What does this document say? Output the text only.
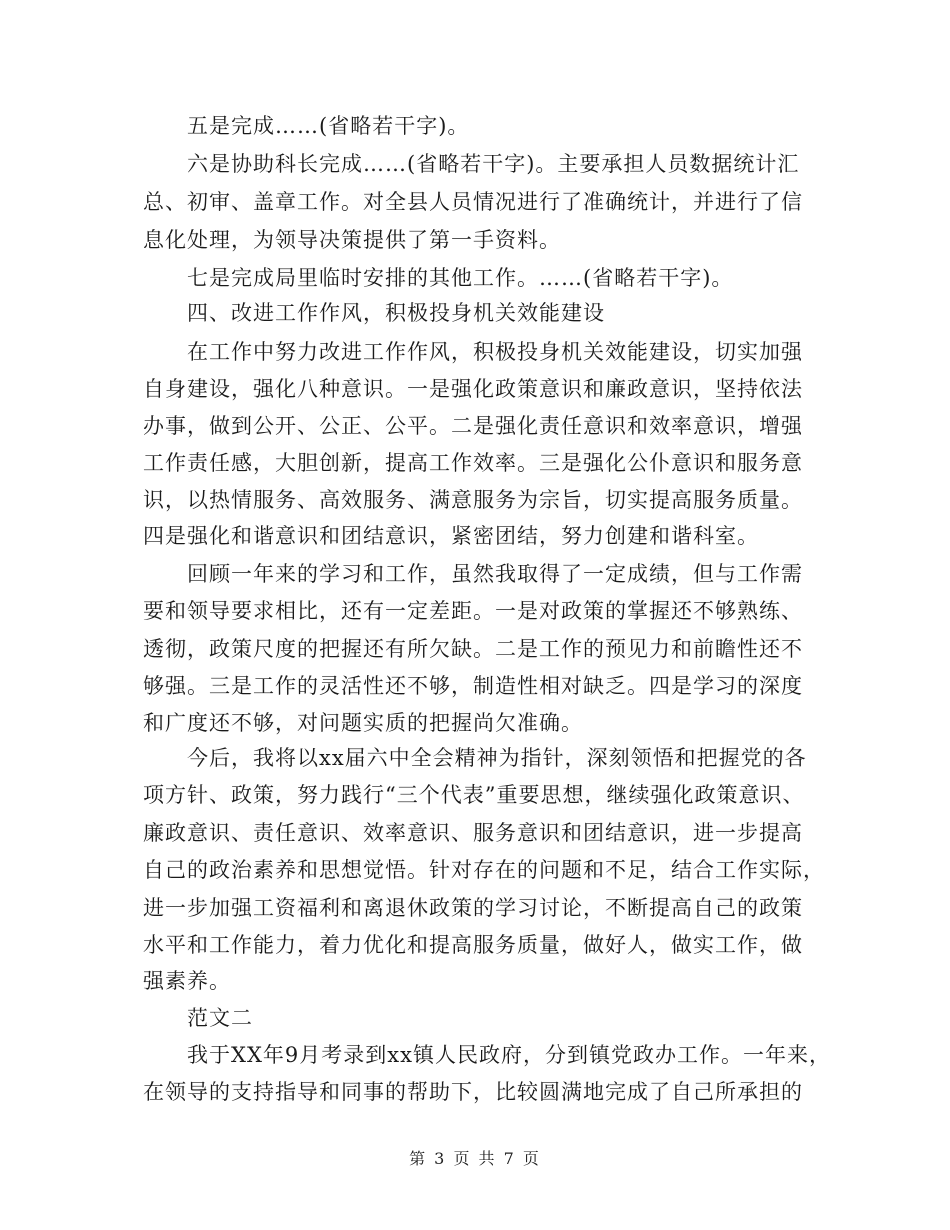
五是完成……(省略若干字)。
六是协助科长完成……(省略若干字)。主要承担人员数据统计汇
总、初审、盖章工作。对全县人员情况进行了准确统计，并进行了信
息化处理，为领导决策提供了第一手资料。
七是完成局里临时安排的其他工作。……(省略若干字)。
四、改进工作作风，积极投身机关效能建设
在工作中努力改进工作作风，积极投身机关效能建设，切实加强
自身建设，强化八种意识。一是强化政策意识和廉政意识，坚持依法
办事，做到公开、公正、公平。二是强化责任意识和效率意识，增强
工作责任感，大胆创新，提高工作效率。三是强化公仆意识和服务意
识，以热情服务、高效服务、满意服务为宗旨，切实提高服务质量。
四是强化和谐意识和团结意识，紧密团结，努力创建和谐科室。
回顾一年来的学习和工作，虽然我取得了一定成绩，但与工作需
要和领导要求相比，还有一定差距。一是对政策的掌握还不够熟练、
透彻，政策尺度的把握还有所欠缺。二是工作的预见力和前瞻性还不
够强。三是工作的灵活性还不够，制造性相对缺乏。四是学习的深度
和广度还不够，对问题实质的把握尚欠准确。
今后，我将以xx届六中全会精神为指针，深刻领悟和把握党的各
项方针、政策，努力践行“三个代表”重要思想，继续强化政策意识、
廉政意识、责任意识、效率意识、服务意识和团结意识，进一步提高
自己的政治素养和思想觉悟。针对存在的问题和不足，结合工作实际，
进一步加强工资福利和离退休政策的学习讨论，不断提高自己的政策
水平和工作能力，着力优化和提高服务质量，做好人，做实工作，做
强素养。
范文二
我于XX年9月考录到xx镇人民政府，分到镇党政办工作。一年来，
在领导的支持指导和同事的帮助下，比较圆满地完成了自己所承担的
第 3 页 共 7 页
